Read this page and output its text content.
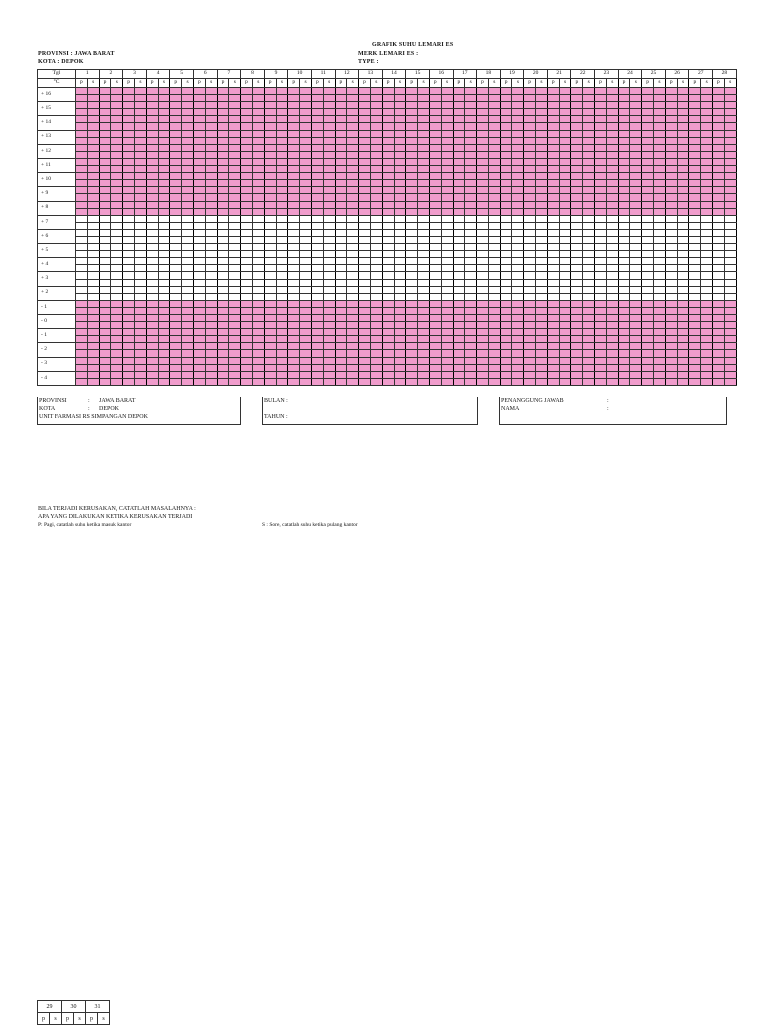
GRAFIK SUHU LEMARI ES
PROVINSI : JAWA BARAT
KOTA : DEPOK
MERK LEMARI ES :
TYPE :
Tgl	1		2		3		4		5		6		7		8		9		10		11		12		13		14		15		16		17		18		19		20		21		22		23		24		25		26		27		28	
°C	p	s	p	s	p	s	p	s	p	s	p	s	p	s	p	s	p	s	p	s	p	s	p	s	p	s	p	s	p	s	p	s	p	s	p	s	p	s	p	s	p	s	p	s	p	s	p	s	p	s	p	s	p	s	p	s
+ 16																																																								

+ 15																																																								

+ 14																																																								

+ 13																																																								

+ 12																																																								

+ 11																																																								

+ 10																																																								

+ 9																																																								

+ 8																																																								

+ 7																																																								

+ 6																																																								

+ 5																																																								

+ 4																																																								

+ 3																																																								

+ 2																																																								

- 1																																																								

- 0																																																								

- 1																																																								

- 2																																																								

- 3																																																								

- 4																																																								

PROVINSI	: JAWA BARAT
KOTA	: DEPOK
UNIT FARMASI RS SIMPANGAN DEPOK
BULAN :
TAHUN :
PENANGGUNG JAWAB	:
NAMA	:
BILA TERJADI KERUSAKAN, CATATLAH MASALAHNYA :
APA YANG DILAKUKAN KETIKA KERUSAKAN TERJADI
P: Pagi, catatlah suhu ketika masuk kantor	S : Sore, catatlah suhu ketika pulang kantor
29		30		31	
p	s	p	s	p	s
